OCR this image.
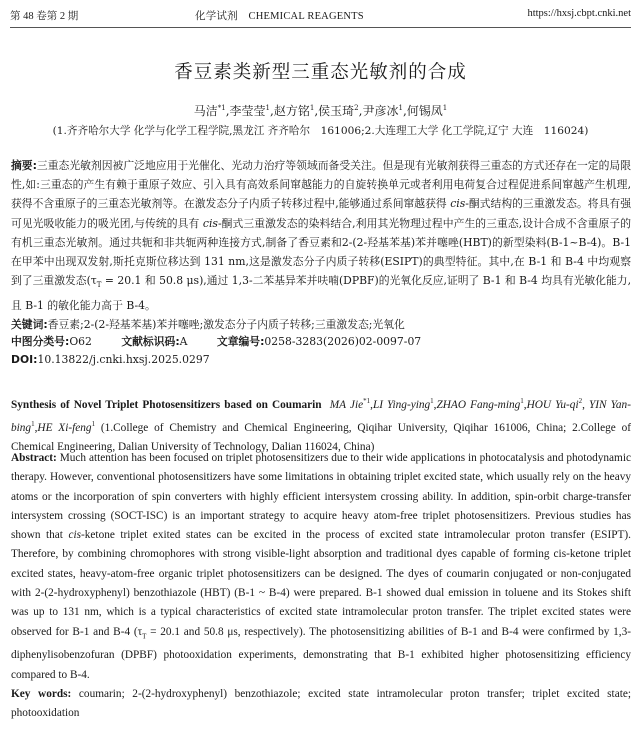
第 48 卷第 2 期	化学试剂　CHEMICAL REAGENTS	https://hxsj.cbpt.cnki.net
香豆素类新型三重态光敏剂的合成
马洁$^{*1}$,李莹莹$^1$,赵方铭$^1$,侯玉琦$^2$,尹彦冰$^1$,何锡凤$^1$
(1.齐齐哈尔大学 化学与化学工程学院,黑龙江 齐齐哈尔　161006;2.大连理工大学 化工学院,辽宁 大连　116024)
摘要:三重态光敏剂因被广泛地应用于光催化、光动力治疗等领域而备受关注。但是现有光敏剂获得三重态的方式还存在一定的局限性,如:三重态的产生有赖于重原子效应、引入具有高效系间窜越能力的自旋转换单元或者利用电荷复合过程促进系间窜越产生机理,获得不含重原子的三重态光敏剂等。在激发态分子内质子转移过程中,能够通过系间窜越获得 cis-酮式结构的三重激发态。将具有强可见光吸收能力的吸光团,与传统的具有 cis-酮式三重激发态的染料结合,利用其光物理过程中产生的三重态,设计合成不含重原子的有机三重态光敏剂。通过共轭和非共轭两种连接方式,制备了香豆素和2-(2-羟基苯基)苯并噻唑(HBT)的新型染料(B-1~B-4)。B-1 在甲苯中出现双发射,斯托克斯位移达到 131 nm,这是激发态分子内质子转移(ESIPT)的典型特征。其中,在 B-1 和 B-4 中均观察到了三重激发态($\tau_T = 20.1$ 和 50.8 μs),通过 1,3-二苯基异苯并呋喃(DPBF)的光氧化反应,证明了 B-1 和 B-4 均具有光敏化能力,且 B-1 的敏化能力高于 B-4。
关键词:香豆素;2-(2-羟基苯基)苯并噻唑;激发态分子内质子转移;三重激发态;光氧化
中图分类号:O62	文献标识码:A	文章编号:0258-3283(2026)02-0097-07
DOI:10.13822/j.cnki.hxsj.2025.0297
Synthesis of Novel Triplet Photosensitizers based on Coumarin MA Jie$^{*1}$,LI Ying-ying$^1$,ZHAO Fang-ming$^1$,HOU $Yu-qi^2$, YIN Yan-bing$^1$,HE Xi-feng$^1$ (1.College of Chemistry and Chemical Engineering, Qiqihar University, Qiqihar 161006, China; 2.College of Chemical Engineering, Dalian University of Technology, Dalian 116024, China)
Abstract: Much attention has been focused on triplet photosensitizers due to their wide applications in photocatalysis and photodynamic therapy. However, conventional photosensitizers have some limitations in obtaining triplet excited state, which usually rely on the heavy atoms or the incorporation of spin converters with highly efficient intersystem crossing ability. In addition, spin-orbit charge-transfer intersystem crossing (SOCT-ISC) is an important strategy to acquire heavy atom-free triplet photosensitizers. Previous studies has shown that cis-ketone triplet exited states can be excited in the process of excited state intramolecular proton transfer (ESIPT). Therefore, by combining chromophores with strong visible-light absorption and traditional dyes capable of forming cis-ketone triplet excited states, heavy-atom-free organic triplet photosensitizers can be designed. The dyes of coumarin conjugated or non-conjugated with 2-(2-hydroxyphenyl) benzothiazole (HBT) (B-1 ~ B-4) were prepared. B-1 showed dual emission in toluene and its Stokes shift was up to 131 nm, which is a typical characteristics of excited state intramolecular proton transfer. The triplet excited states were observed for B-1 and B-4 ($\tau_T = 20.1$ and 50.8 μs, respectively). The photosensitizing abilities of B-1 and B-4 were confirmed by 1,3-diphenylisobenzofuran (DPBF) photooxidation experiments, demonstrating that B-1 exhibited higher photosensitizing efficiency compared to B-4.
Key words: coumarin; 2-(2-hydroxyphenyl) benzothiazole; excited state intramolecular proton transfer; triplet excited state; photooxidation
